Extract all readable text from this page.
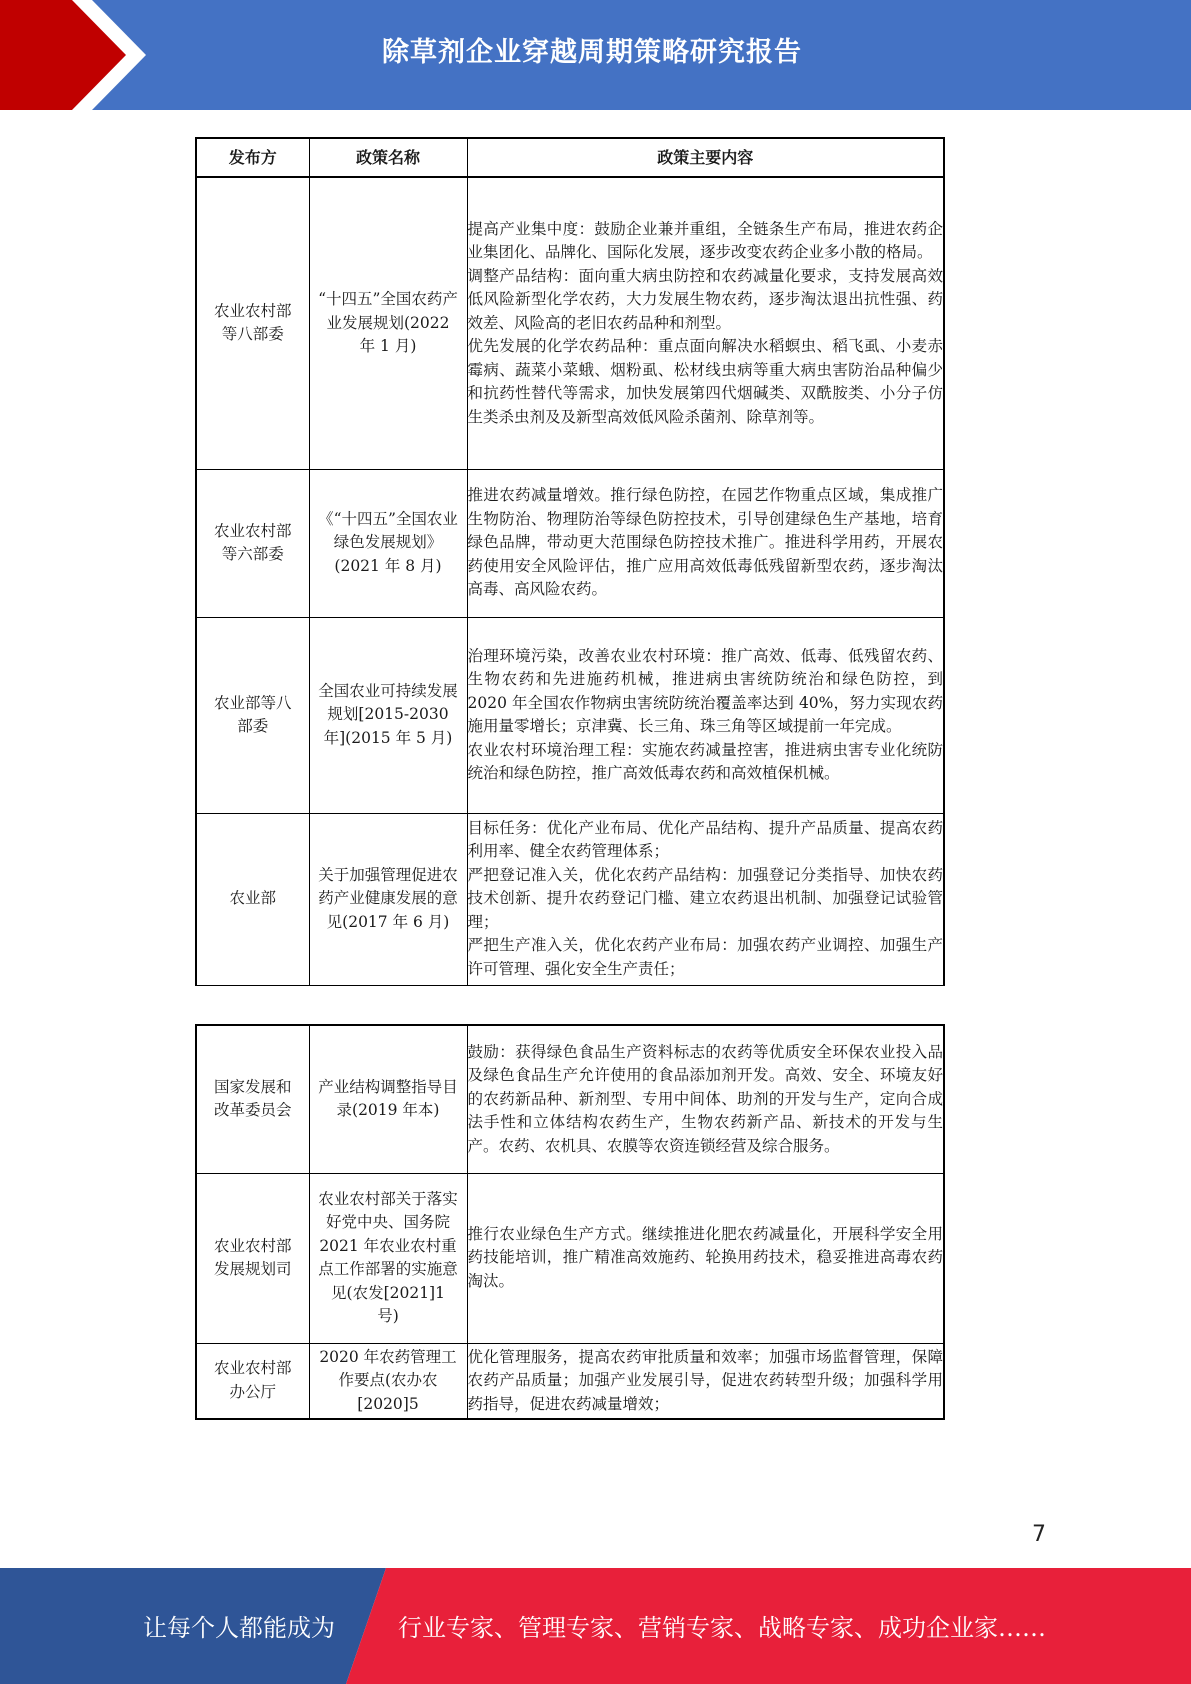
除草剂企业穿越周期策略研究报告
发布方	政策名称	政策主要内容

农业农村部等八部委	“十四五”全国农药产业发展规划(2022 年 1 月)	提高产业集中度：鼓励企业兼并重组，全链条生产布局，推进农药企业集团化、品牌化、国际化发展，逐步改变农药企业多小散的格局。
调整产品结构：面向重大病虫防控和农药减量化要求，支持发展高效低风险新型化学农药，大力发展生物农药，逐步淘汰退出抗性强、药效差、风险高的老旧农药品种和剂型。
优先发展的化学农药品种：重点面向解决水稻螟虫、稻飞虱、小麦赤霉病、蔬菜小菜蛾、烟粉虱、松材线虫病等重大病虫害防治品种偏少和抗药性替代等需求，加快发展第四代烟碱类、双酰胺类、小分子仿生类杀虫剂及及新型高效低风险杀菌剂、除草剂等。

农业农村部等六部委	《“十四五”全国农业绿色发展规划》(2021 年 8 月)	推进农药减量增效。推行绿色防控，在园艺作物重点区域，集成推广生物防治、物理防治等绿色防控技术，引导创建绿色生产基地，培育绿色品牌，带动更大范围绿色防控技术推广。推进科学用药，开展农药使用安全风险评估，推广应用高效低毒低残留新型农药，逐步淘汰高毒、高风险农药。

农业部等八部委	全国农业可持续发展规划[2015-2030 年](2015 年 5 月)	治理环境污染，改善农业农村环境：推广高效、低毒、低残留农药、生物农药和先进施药机械，推进病虫害统防统治和绿色防控，到 2020 年全国农作物病虫害统防统治覆盖率达到 40%，努力实现农药施用量零增长；京津冀、长三角、珠三角等区域提前一年完成。
农业农村环境治理工程：实施农药减量控害，推进病虫害专业化统防统治和绿色防控，推广高效低毒农药和高效植保机械。

农业部	关于加强管理促进农药产业健康发展的意见(2017 年 6 月)	目标任务：优化产业布局、优化产品结构、提升产品质量、提高农药利用率、健全农药管理体系；
严把登记准入关，优化农药产品结构：加强登记分类指导、加快农药技术创新、提升农药登记门槛、建立农药退出机制、加强登记试验管理；
严把生产准入关，优化农药产业布局：加强农药产业调控、加强生产许可管理、强化安全生产责任；
国家发展和改革委员会	产业结构调整指导目录(2019 年本)	鼓励：获得绿色食品生产资料标志的农药等优质安全环保农业投入品及绿色食品生产允许使用的食品添加剂开发。高效、安全、环境友好的农药新品种、新剂型、专用中间体、助剂的开发与生产，定向合成法手性和立体结构农药生产，生物农药新产品、新技术的开发与生产。农药、农机具、农膜等农资连锁经营及综合服务。

农业农村部发展规划司	农业农村部关于落实好党中央、国务院 2021 年农业农村重点工作部署的实施意见(农发[2021]1 号)	推行农业绿色生产方式。继续推进化肥农药减量化，开展科学安全用药技能培训，推广精准高效施药、轮换用药技术，稳妥推进高毒农药淘汰。

农业农村部办公厅	2020 年农药管理工作要点(农办农[2020]5	优化管理服务，提高农药审批质量和效率；加强市场监督管理，保障农药产品质量；加强产业发展引导，促进农药转型升级；加强科学用药指导，促进农药减量增效；
7
让每个人都能成为	行业专家、管理专家、营销专家、战略专家、成功企业家……
